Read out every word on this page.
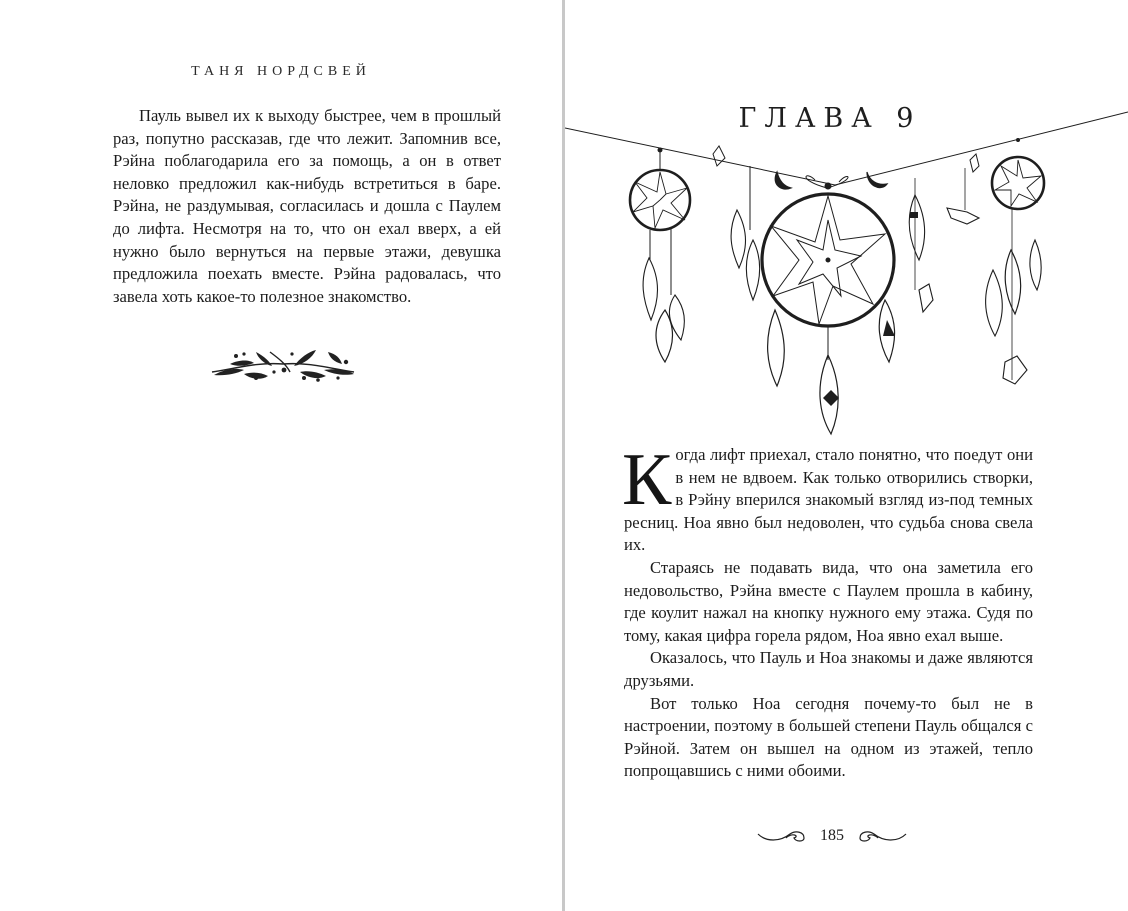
ТАНЯ НОРДСВЕЙ

Пауль вывел их к выходу быстрее, чем в прошлый раз, попутно рассказав, где что лежит. Запомнив все, Рэйна поблагодарила его за помощь, а он в ответ неловко предложил как-нибудь встретиться в баре. Рэйна, не раздумывая, согласилась и дошла с Паулем до лифта. Несмотря на то, что он ехал вверх, а ей нужно было вернуться на первые этажи, девушка предложила поехать вместе. Рэйна радовалась, что завела хоть какое-то полезное знакомство.

ГЛАВА 9

Когда лифт приехал, стало понятно, что поедут они в нем не вдвоем. Как только отворились створки, в Рэйну вперился знакомый взгляд из-под темных ресниц. Ноа явно был недоволен, что судьба снова свела их.

Стараясь не подавать вида, что она заметила его недовольство, Рэйна вместе с Паулем прошла в кабину, где коулит нажал на кнопку нужного ему этажа. Судя по тому, какая цифра горела рядом, Ноа явно ехал выше.

Оказалось, что Пауль и Ноа знакомы и даже являются друзьями.

Вот только Ноа сегодня почему-то был не в настроении, поэтому в большей степени Пауль общался с Рэйной. Затем он вышел на одном из этажей, тепло попрощавшись с ними обоими.

185
